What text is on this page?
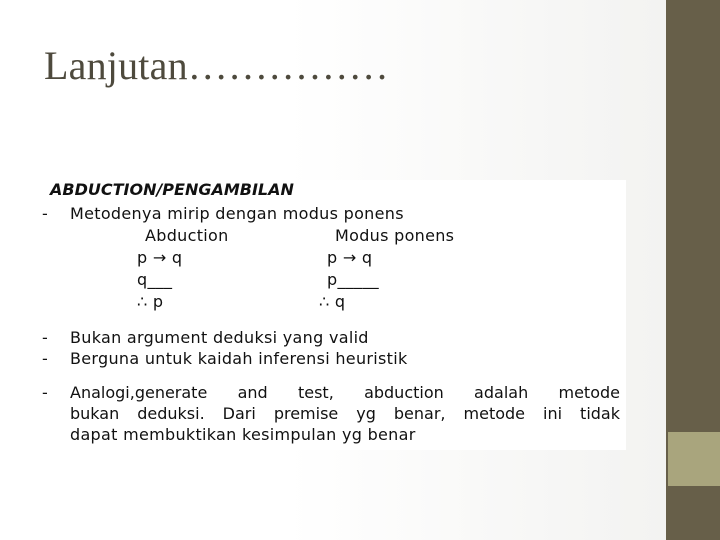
Lanjutan……………
ABDUCTION/PENGAMBILAN
- Metodenya mirip dengan modus ponens
Abduction	Modus ponens
p → q
q___
∴ p
p → q
p_____
∴ q
- Bukan argument deduksi yang valid
- Berguna untuk kaidah inferensi heuristik
- Analogi,generate and test, abduction adalah metode
bukan deduksi. Dari premise yg benar, metode ini tidak
dapat membuktikan kesimpulan yg benar
